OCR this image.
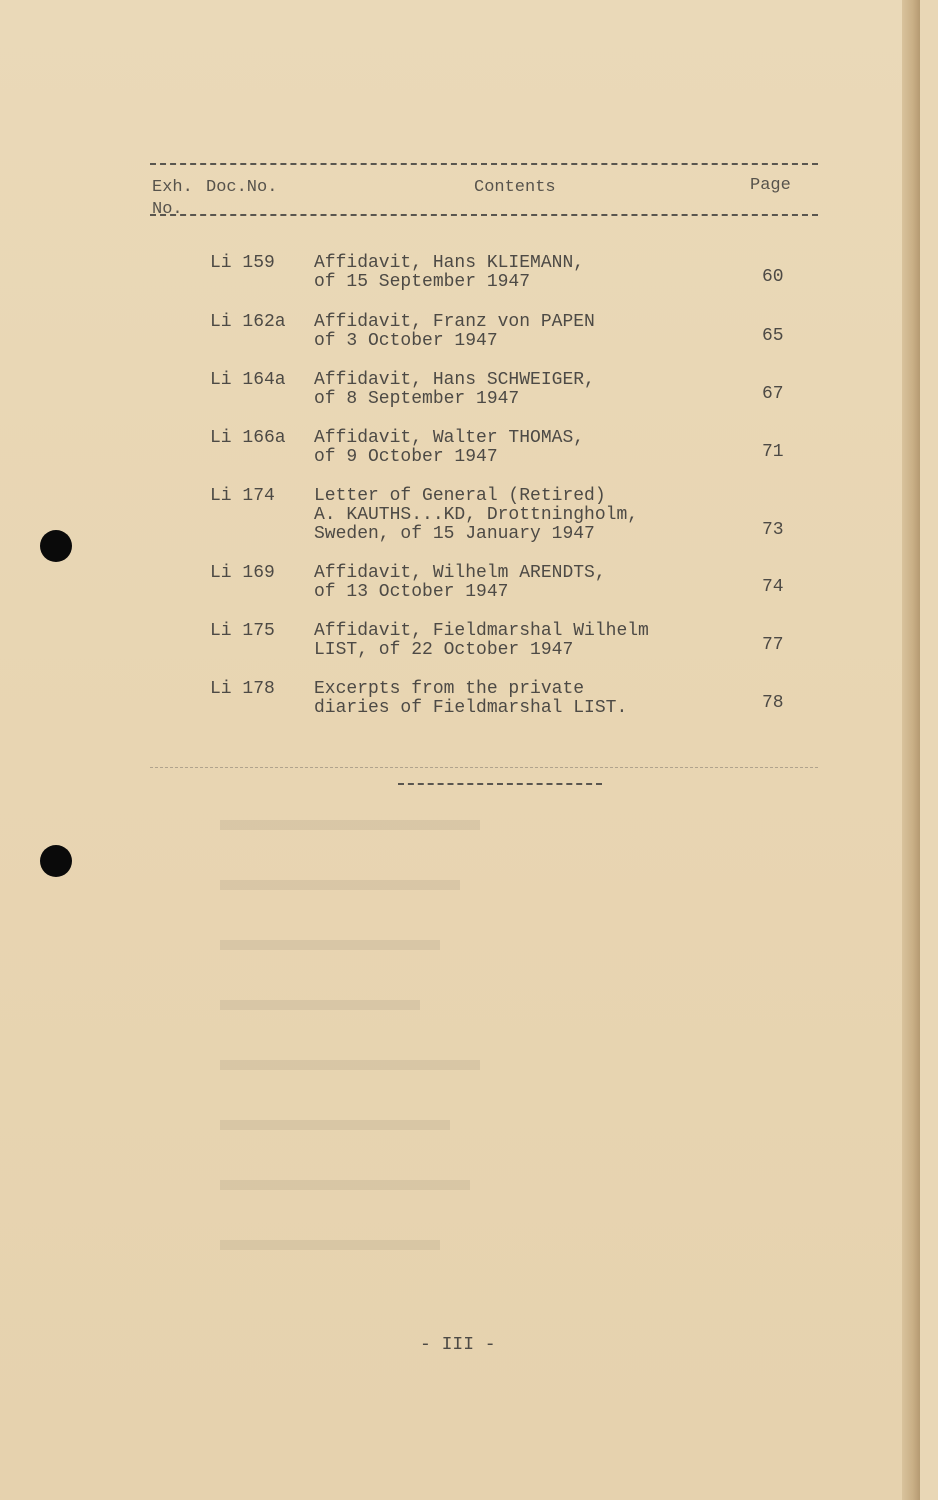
Exh.
No.
Doc.No.	Contents	Page
Li 159 Affidavit, Hans KLIEMANN,
of 15 September 1947	60
Li 162a Affidavit, Franz von PAPEN
of 3 October 1947	65
Li 164a Affidavit, Hans SCHWEIGER,
of 8 September 1947	67
Li 166a Affidavit, Walter THOMAS,
of 9 October 1947	71
Li 174 Letter of General (Retired)
A. KAUTHS...KD, Drottningholm,
Sweden, of 15 January 1947	73
Li 169 Affidavit, Wilhelm ARENDTS,
of 13 October 1947	74
Li 175 Affidavit, Fieldmarshal Wilhelm
LIST, of 22 October 1947	77
Li 178 Excerpts from the private
diaries of Fieldmarshal LIST.	78
- III -
